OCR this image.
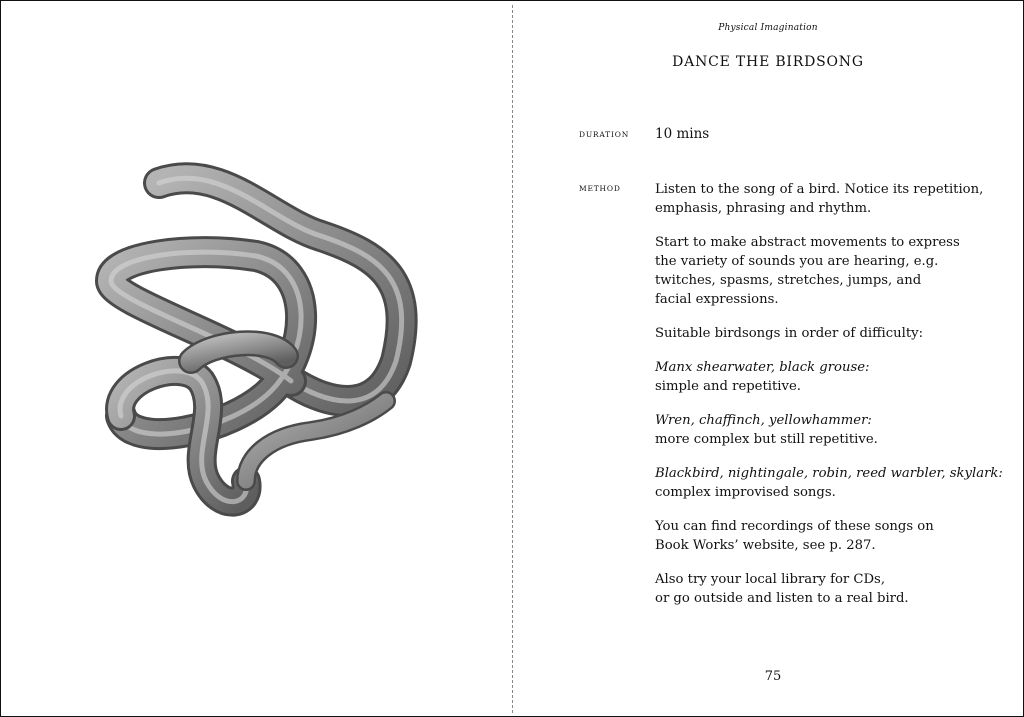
Physical Imagination
DANCE THE BIRDSONG
DURATION 10 mins
METHOD	Listen to the song of a bird. Notice its repetition,
emphasis, phrasing and rhythm.

Start to make abstract movements to express
the variety of sounds you are hearing, e.g.
twitches, spasms, stretches, jumps, and
facial expressions.

Suitable birdsongs in order of difficulty:

Manx shearwater, black grouse:
simple and repetitive.

Wren, chaffinch, yellowhammer:
more complex but still repetitive.

Blackbird, nightingale, robin, reed warbler, skylark:
complex improvised songs.

You can find recordings of these songs on
Book Works’ website, see p. 287.

Also try your local library for CDs,
or go outside and listen to a real bird.

75
